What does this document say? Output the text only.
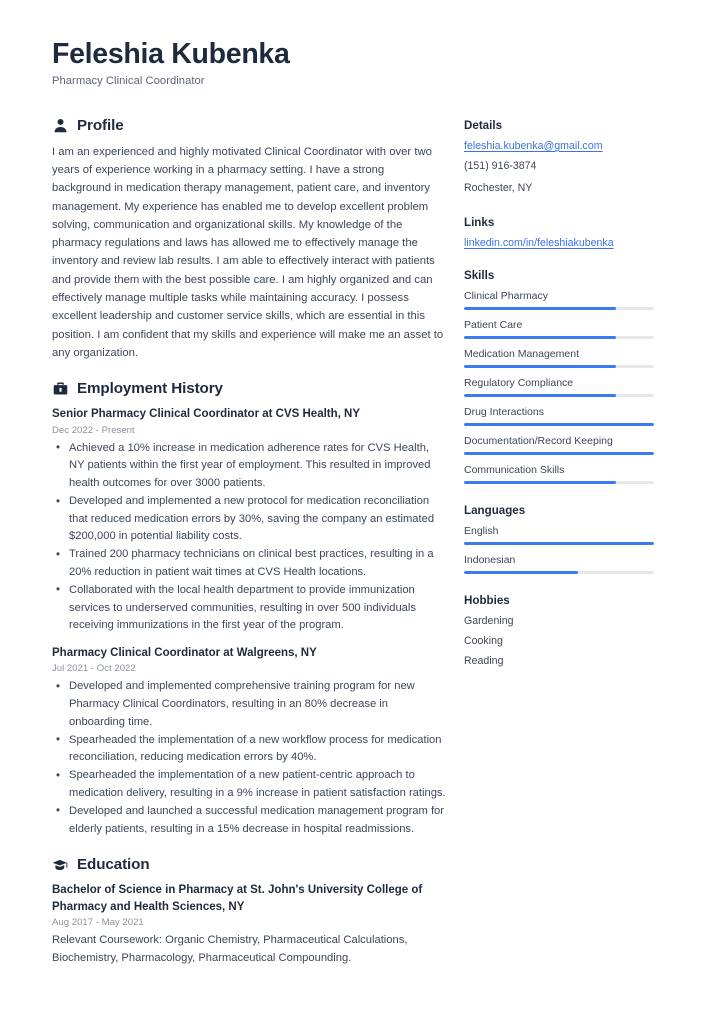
Feleshia Kubenka
Pharmacy Clinical Coordinator
Profile
I am an experienced and highly motivated Clinical Coordinator with over two years of experience working in a pharmacy setting. I have a strong background in medication therapy management, patient care, and inventory management. My experience has enabled me to develop excellent problem solving, communication and organizational skills. My knowledge of the pharmacy regulations and laws has allowed me to effectively manage the inventory and review lab results. I am able to effectively interact with patients and provide them with the best possible care. I am highly organized and can effectively manage multiple tasks while maintaining accuracy. I possess excellent leadership and customer service skills, which are essential in this position. I am confident that my skills and experience will make me an asset to any organization.
Employment History
Senior Pharmacy Clinical Coordinator at CVS Health, NY
Dec 2022 - Present
• Achieved a 10% increase in medication adherence rates for CVS Health, NY patients within the first year of employment. This resulted in improved health outcomes for over 3000 patients.
• Developed and implemented a new protocol for medication reconciliation that reduced medication errors by 30%, saving the company an estimated $200,000 in potential liability costs.
• Trained 200 pharmacy technicians on clinical best practices, resulting in a 20% reduction in patient wait times at CVS Health locations.
• Collaborated with the local health department to provide immunization services to underserved communities, resulting in over 500 individuals receiving immunizations in the first year of the program.
Pharmacy Clinical Coordinator at Walgreens, NY
Jul 2021 - Oct 2022
• Developed and implemented comprehensive training program for new Pharmacy Clinical Coordinators, resulting in an 80% decrease in onboarding time.
• Spearheaded the implementation of a new workflow process for medication reconciliation, reducing medication errors by 40%.
• Spearheaded the implementation of a new patient-centric approach to medication delivery, resulting in a 9% increase in patient satisfaction ratings.
• Developed and launched a successful medication management program for elderly patients, resulting in a 15% decrease in hospital readmissions.
Education
Bachelor of Science in Pharmacy at St. John's University College of Pharmacy and Health Sciences, NY
Aug 2017 - May 2021
Relevant Coursework: Organic Chemistry, Pharmaceutical Calculations, Biochemistry, Pharmacology, Pharmaceutical Compounding.
Details
feleshia.kubenka@gmail.com
(151) 916-3874
Rochester, NY
Links
linkedin.com/in/feleshiakubenka
Skills
Clinical Pharmacy
Patient Care
Medication Management
Regulatory Compliance
Drug Interactions
Documentation/Record Keeping
Communication Skills
Languages
English
Indonesian
Hobbies
Gardening
Cooking
Reading
